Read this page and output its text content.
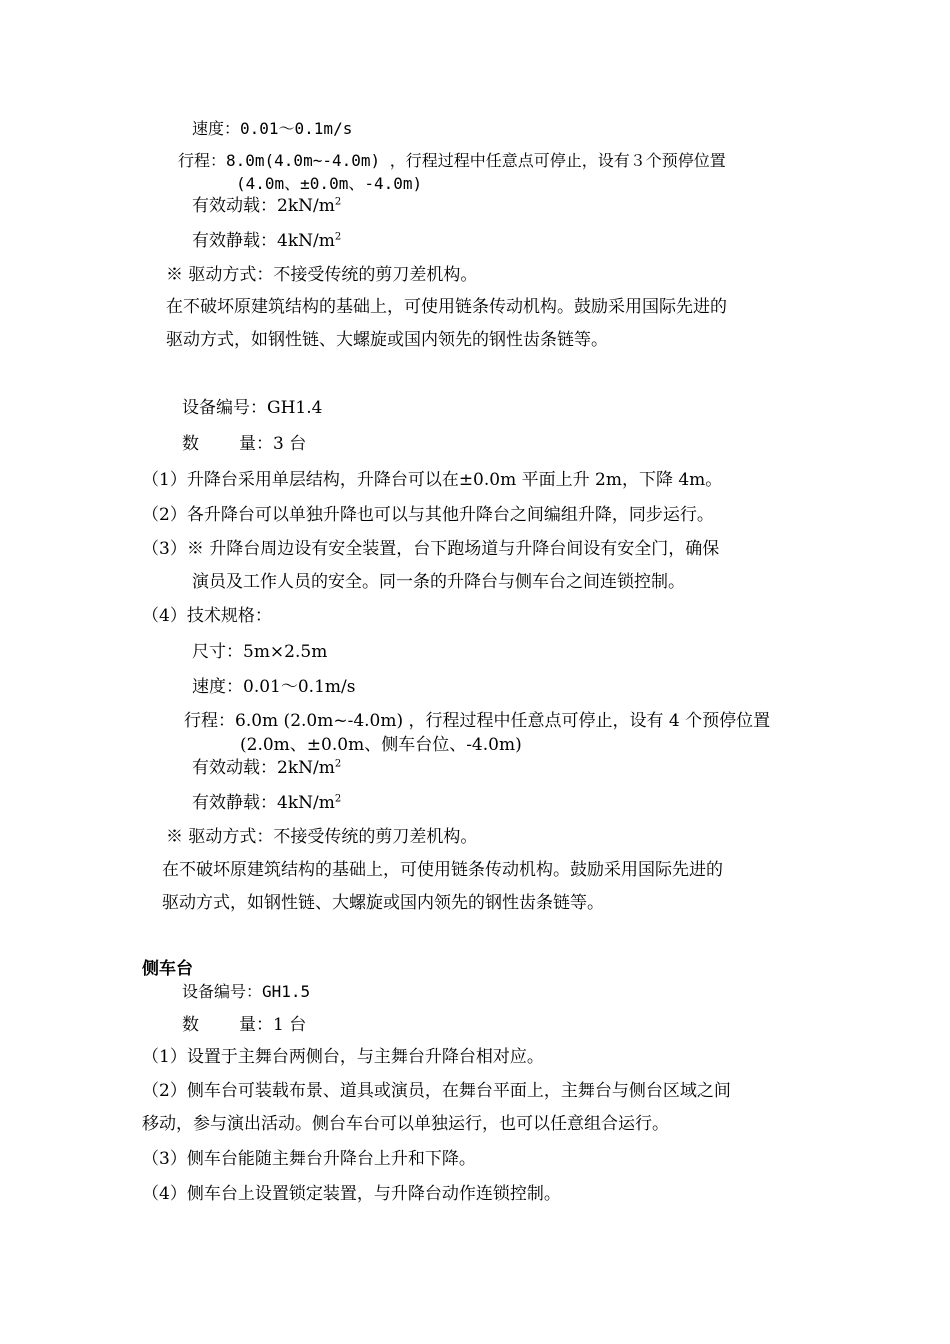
速度：0.01～0.1m/s
行程：8.0m(4.0m~-4.0m) ，行程过程中任意点可停止，设有３个预停位置
(4.0m、±0.0m、-4.0m)
有效动载：$2kN/m^2$
有效静载：$4kN/m^2$
※ 驱动方式：不接受传统的剪刀差机构。
在不破坏原建筑结构的基础上，可使用链条传动机构。鼓励采用国际先进的
驱动方式，如钢性链、大螺旋或国内领先的钢性齿条链等。
设备编号：GH1.4
数 量：3 台
（1）升降台采用单层结构，升降台可以在±0.0m 平面上升 2m，下降 4m。
（2）各升降台可以单独升降也可以与其他升降台之间编组升降，同步运行。
（3）※ 升降台周边设有安全装置，台下跑场道与升降台间设有安全门，确保
演员及工作人员的安全。同一条的升降台与侧车台之间连锁控制。
（4）技术规格：
尺寸：5m×2.5m
速度：0.01～0.1m/s
行程：6.0m (2.0m~-4.0m) ，行程过程中任意点可停止，设有 4 个预停位置
(2.0m、±0.0m、侧车台位、-4.0m)
有效动载：$2kN/m^2$
有效静载：$4kN/m^2$
※ 驱动方式：不接受传统的剪刀差机构。
在不破坏原建筑结构的基础上，可使用链条传动机构。鼓励采用国际先进的
驱动方式，如钢性链、大螺旋或国内领先的钢性齿条链等。
侧车台
设备编号：GH1.5
数 量：1 台
（1）设置于主舞台两侧台，与主舞台升降台相对应。
（2）侧车台可装载布景、道具或演员，在舞台平面上，主舞台与侧台区域之间
移动，参与演出活动。侧台车台可以单独运行，也可以任意组合运行。
（3）侧车台能随主舞台升降台上升和下降。
（4）侧车台上设置锁定装置，与升降台动作连锁控制。
